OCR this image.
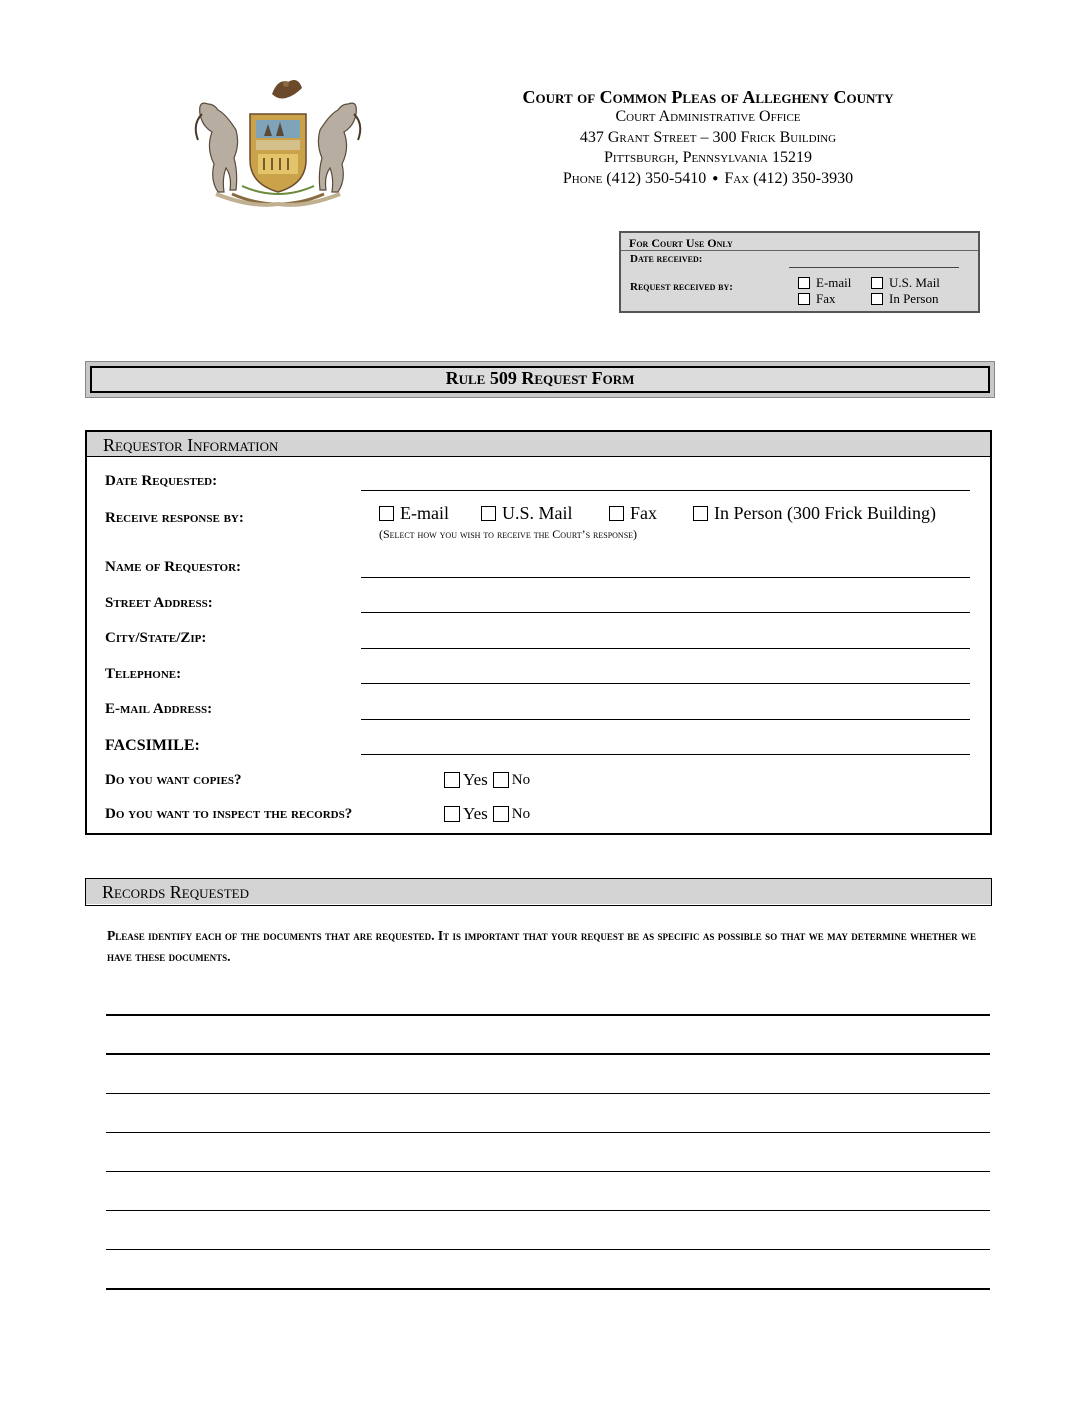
Court of Common Pleas of Allegheny County
Court Administrative Office
437 Grant Street – 300 Frick Building
Pittsburgh, Pennsylvania 15219
Phone (412) 350-5410 ● Fax (412) 350-3930
For Court Use Only
Date received:
Request received by:	E-mail	U.S. Mail
Fax	In Person
Rule 509 Request Form
Requestor Information
Date Requested:
Receive response by:	E-mail	U.S. Mail	Fax	In Person (300 Frick Building)
(Select how you wish to receive the Court’s response)
Name of Requestor:
Street Address:
City/State/Zip:
Telephone:
E-mail Address:
FACSIMILE:
Do you want copies?	Yes No
Do you want to inspect the records?	Yes No
Records Requested
Please identify each of the documents that are requested. It is important that your request be as specific as possible so that we may determine whether we have these documents.
